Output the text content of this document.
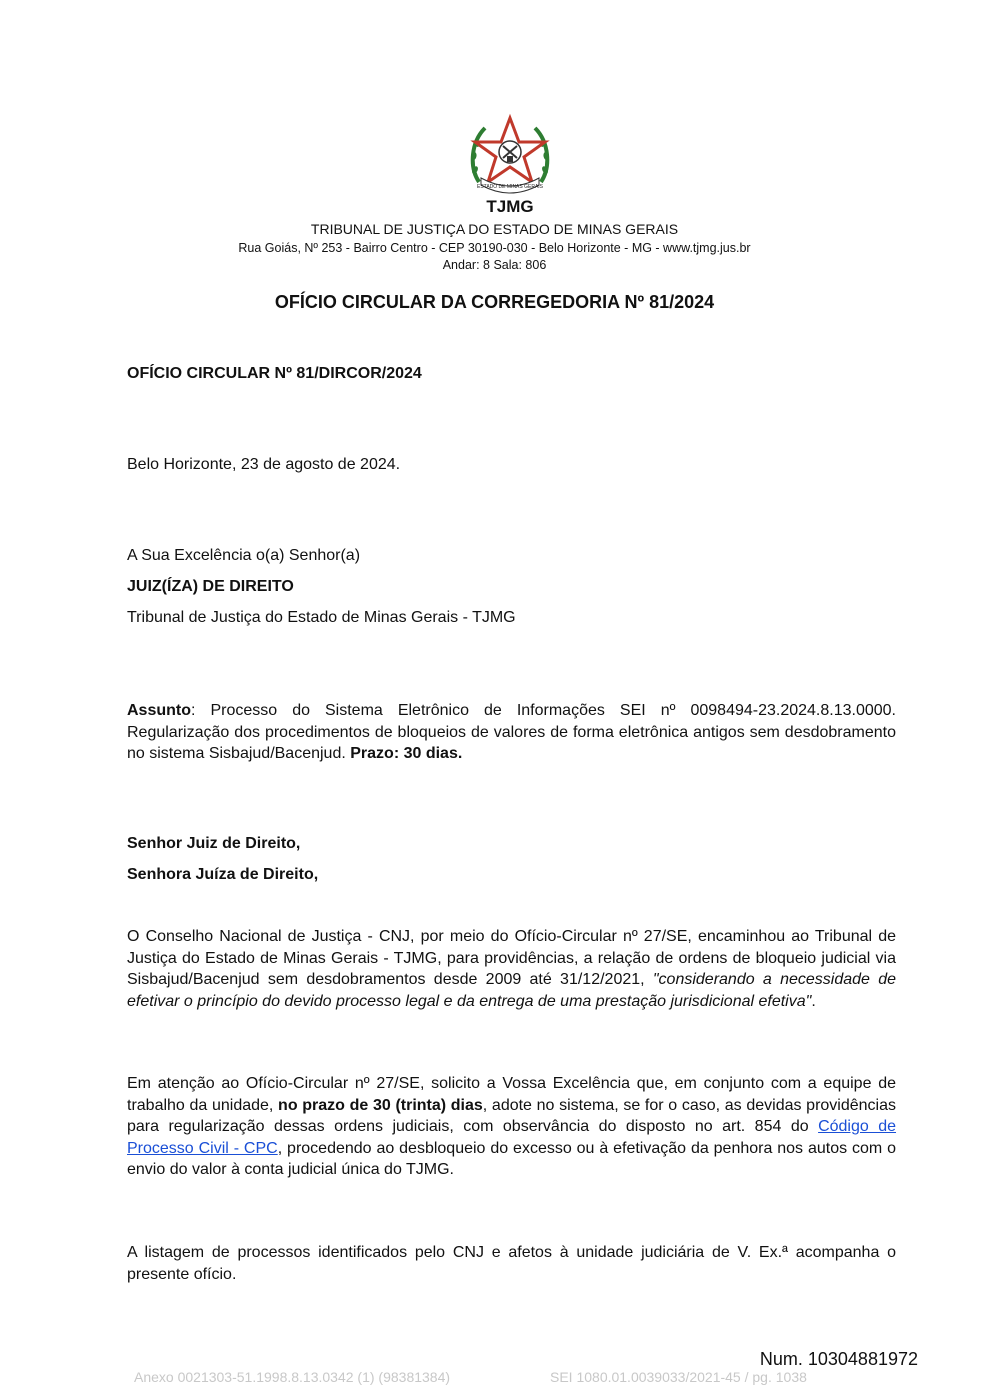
ESTADO DE MINAS GERAIS
TJMG
TRIBUNAL DE JUSTIÇA DO ESTADO DE MINAS GERAIS
Rua Goiás, Nº 253 - Bairro Centro - CEP 30190-030 - Belo Horizonte - MG - www.tjmg.jus.br
Andar: 8 Sala: 806
OFÍCIO CIRCULAR DA CORREGEDORIA Nº 81/2024
OFÍCIO CIRCULAR Nº 81/DIRCOR/2024
Belo Horizonte, 23 de agosto de 2024.
A Sua Excelência o(a) Senhor(a)
JUIZ(ÍZA) DE DIREITO
Tribunal de Justiça do Estado de Minas Gerais - TJMG
Assunto: Processo do Sistema Eletrônico de Informações SEI nº 0098494-23.2024.8.13.0000. Regularização dos procedimentos de bloqueios de valores de forma eletrônica antigos sem desdobramento no sistema Sisbajud/Bacenjud. Prazo: 30 dias.
Senhor Juiz de Direito,
Senhora Juíza de Direito,
O Conselho Nacional de Justiça - CNJ, por meio do Ofício-Circular nº 27/SE, encaminhou ao Tribunal de Justiça do Estado de Minas Gerais - TJMG, para providências, a relação de ordens de bloqueio judicial via Sisbajud/Bacenjud sem desdobramentos desde 2009 até 31/12/2021, "considerando a necessidade de efetivar o princípio do devido processo legal e da entrega de uma prestação jurisdicional efetiva".
Em atenção ao Ofício-Circular nº 27/SE, solicito a Vossa Excelência que, em conjunto com a equipe de trabalho da unidade, no prazo de 30 (trinta) dias, adote no sistema, se for o caso, as devidas providências para regularização dessas ordens judiciais, com observância do disposto no art. 854 do Código de Processo Civil - CPC, procedendo ao desbloqueio do excesso ou à efetivação da penhora nos autos com o envio do valor à conta judicial única do TJMG.
A listagem de processos identificados pelo CNJ e afetos à unidade judiciária de V. Ex.ª acompanha o presente ofício.
Num. 10304881972
Anexo 0021303-51.1998.8.13.0342 (1) (98381384)	SEI 1080.01.0039033/2021-45 / pg. 1038
